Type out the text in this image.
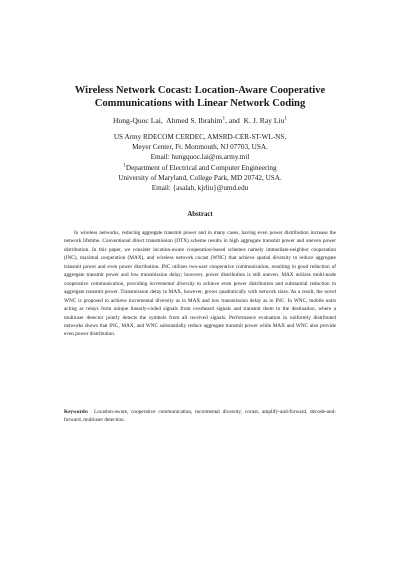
Wireless Network Cocast: Location-Aware Cooperative
Communications with Linear Network Coding
Hung-Quoc Lai, Ahmed S. Ibrahim$^1$, and K. J. Ray Liu$^1$
US Army RDECOM CERDEC, AMSRD-CER-ST-WL-NS,
Meyer Center, Ft. Monmouth, NJ 07703, USA.
Email: hungquoc.lai@us.army.mil
$^1$Department of Electrical and Computer Engineering
University of Maryland, College Park, MD 20742, USA.
Email: {asalah, kjrliu}@umd.edu
Abstract
In wireless networks, reducing aggregate transmit power and in many cases, having even power distribution increase the network lifetime. Conventional direct transmission (DTX) scheme results in high aggregate transmit power and uneven power distribution. In this paper, we consider location-aware cooperation-based schemes namely immediate-neighbor cooperation (INC), maximal cooperation (MAX), and wireless network cocast (WNC) that achieve spatial diversity to reduce aggregate transmit power and even power distribution. INC utilizes two-user cooperative communication, resulting in good reduction of aggregate transmit power and low transmission delay; however, power distribution is still uneven. MAX utilizes multi-node cooperative communication, providing incremental diversity to achieve even power distribution and substantial reduction in aggregate transmit power. Transmission delay in MAX, however, grows quadratically with network sizes. As a result, the novel WNC is proposed to achieve incremental diversity as in MAX and low transmission delay as in INC. In WNC, mobile units acting as relays form unique linearly-coded signals from overheard signals and transmit them to the destination, where a multiuser detector jointly detects the symbols from all received signals. Performance evaluation in uniformly distributed networks shows that INC, MAX, and WNC substantially reduce aggregate transmit power while MAX and WNC also provide even power distribution.
Keywords: Location-aware, cooperative communication, incremental diversity, cocast, amplify-and-forward, decode-and-forward, multiuser detection.
